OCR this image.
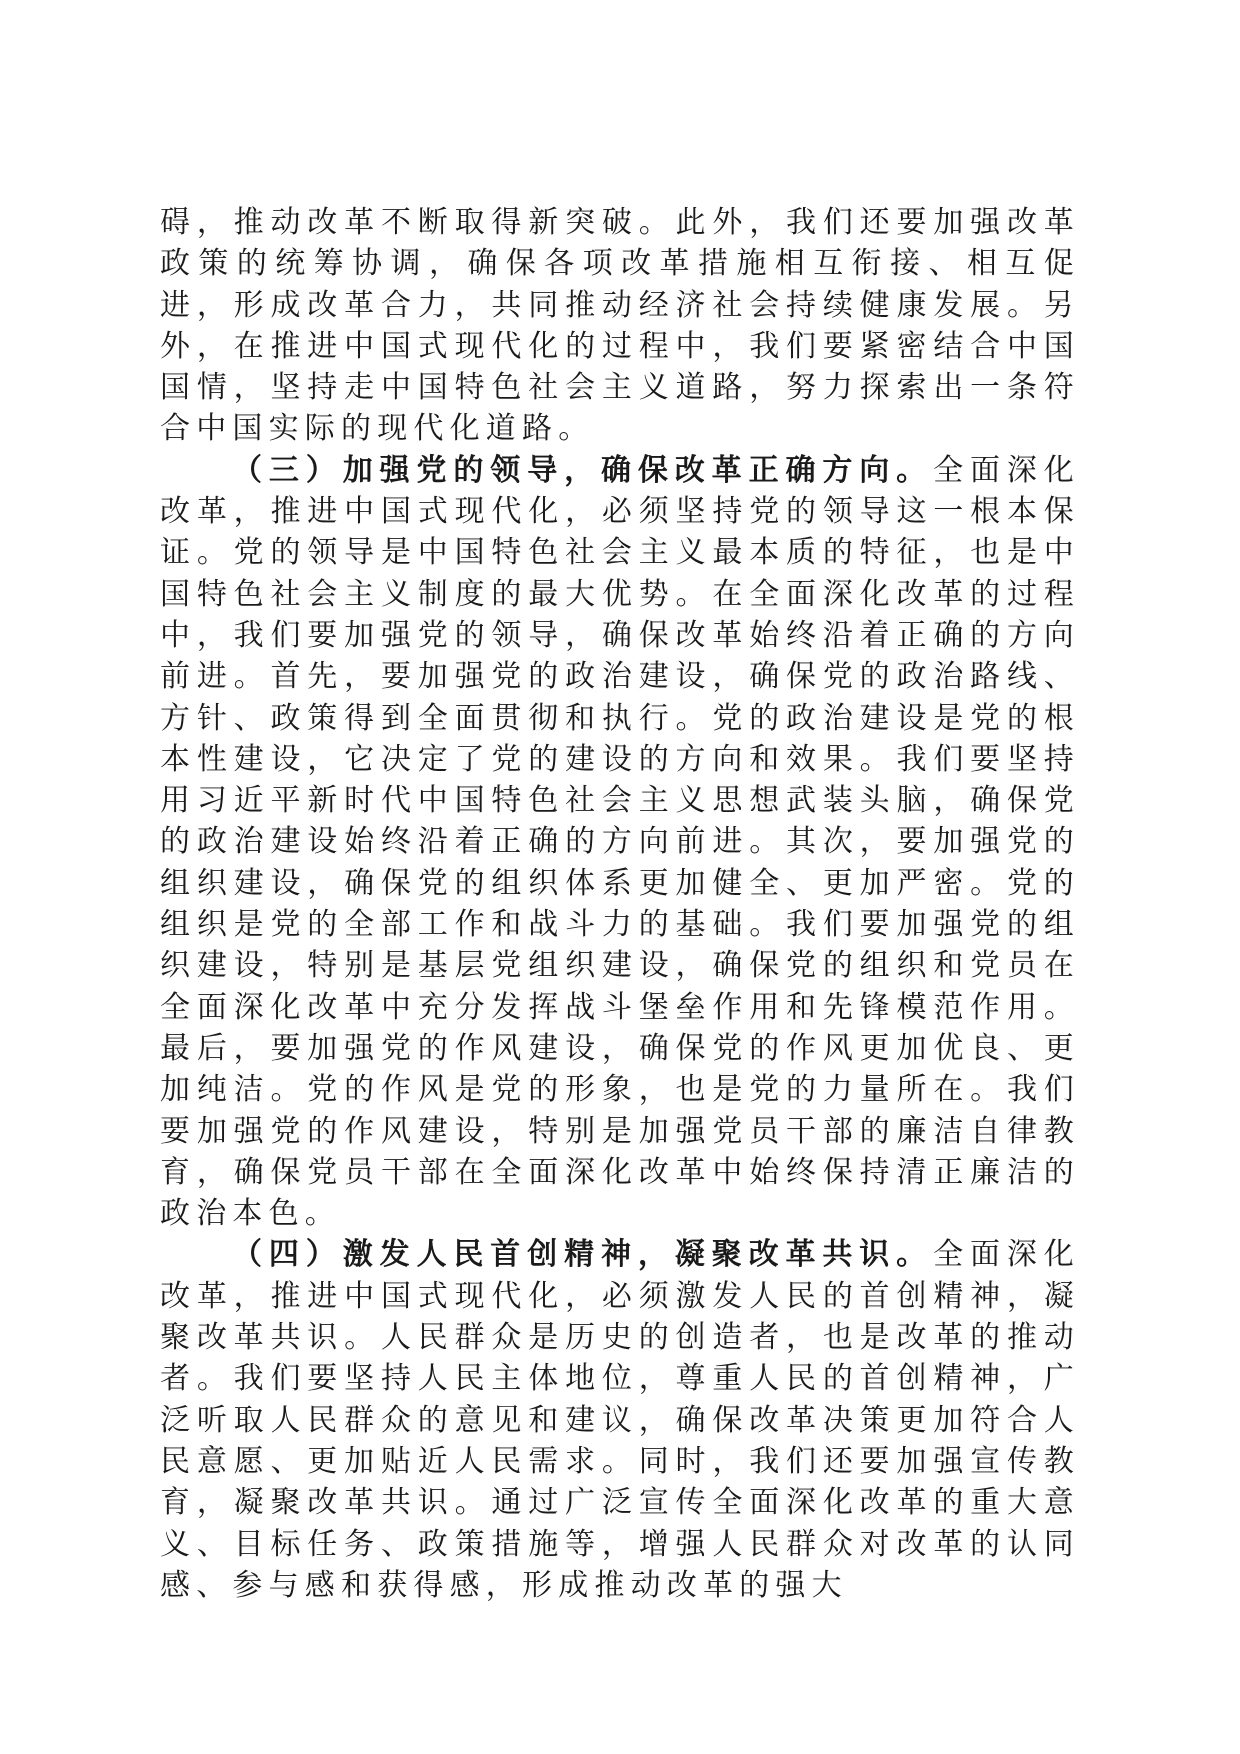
碍，推动改革不断取得新突破。此外，我们还要加强改革政策的统筹协调，确保各项改革措施相互衔接、相互促进，形成改革合力，共同推动经济社会持续健康发展。另外，在推进中国式现代化的过程中，我们要紧密结合中国国情，坚持走中国特色社会主义道路，努力探索出一条符合中国实际的现代化道路。

（三）加强党的领导，确保改革正确方向。全面深化改革，推进中国式现代化，必须坚持党的领导这一根本保证。党的领导是中国特色社会主义最本质的特征，也是中国特色社会主义制度的最大优势。在全面深化改革的过程中，我们要加强党的领导，确保改革始终沿着正确的方向前进。首先，要加强党的政治建设，确保党的政治路线、方针、政策得到全面贯彻和执行。党的政治建设是党的根本性建设，它决定了党的建设的方向和效果。我们要坚持用习近平新时代中国特色社会主义思想武装头脑，确保党的政治建设始终沿着正确的方向前进。其次，要加强党的组织建设，确保党的组织体系更加健全、更加严密。党的组织是党的全部工作和战斗力的基础。我们要加强党的组织建设，特别是基层党组织建设，确保党的组织和党员在全面深化改革中充分发挥战斗堡垒作用和先锋模范作用。最后，要加强党的作风建设，确保党的作风更加优良、更加纯洁。党的作风是党的形象，也是党的力量所在。我们要加强党的作风建设，特别是加强党员干部的廉洁自律教育，确保党员干部在全面深化改革中始终保持清正廉洁的政治本色。

（四）激发人民首创精神，凝聚改革共识。全面深化改革，推进中国式现代化，必须激发人民的首创精神，凝聚改革共识。人民群众是历史的创造者，也是改革的推动者。我们要坚持人民主体地位，尊重人民的首创精神，广泛听取人民群众的意见和建议，确保改革决策更加符合人民意愿、更加贴近人民需求。同时，我们还要加强宣传教育，凝聚改革共识。通过广泛宣传全面深化改革的重大意义、目标任务、政策措施等，增强人民群众对改革的认同感、参与感和获得感，形成推动改革的强大
